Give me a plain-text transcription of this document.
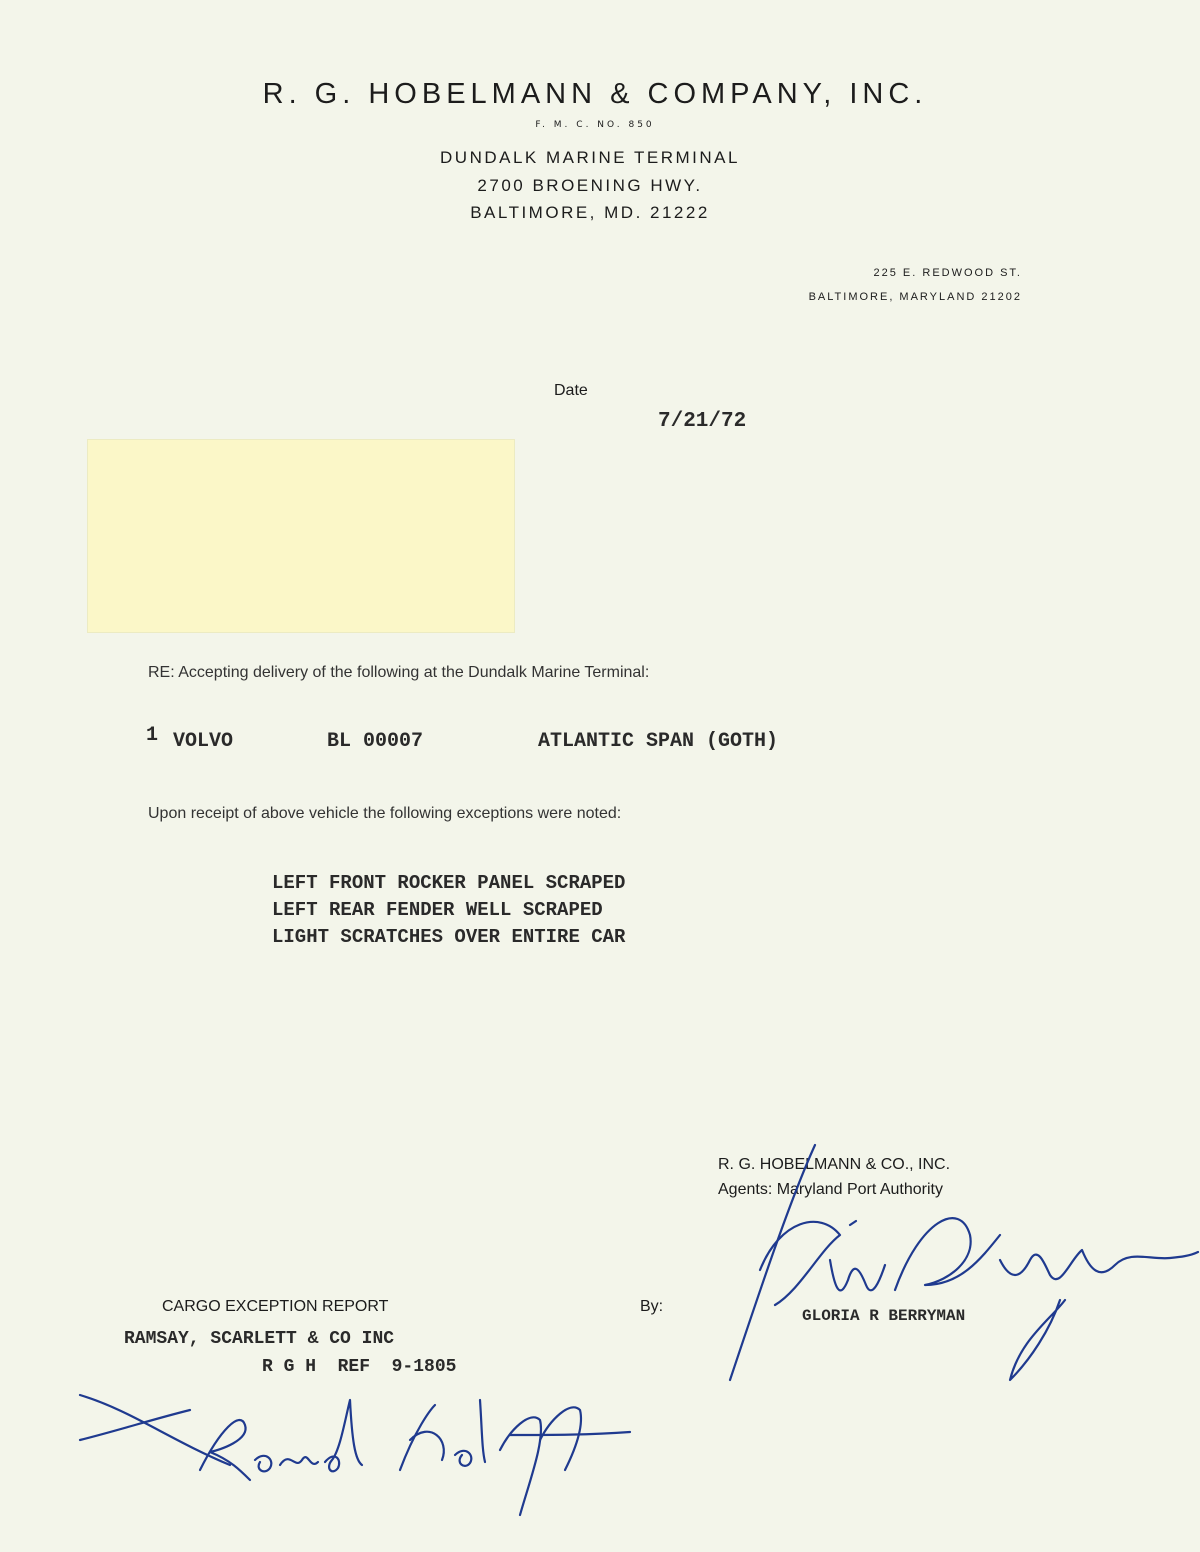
R. G. HOBELMANN & COMPANY, INC.
F. M. C. NO. 850
DUNDALK MARINE TERMINAL
2700 BROENING HWY.
BALTIMORE, MD. 21222
225 E. REDWOOD ST.
BALTIMORE, MARYLAND 21202
Date
7/21/72
RE: Accepting delivery of the following at the Dundalk Marine Terminal:
1 VOLVO	BL 00007	ATLANTIC SPAN (GOTH)
Upon receipt of above vehicle the following exceptions were noted:
LEFT FRONT ROCKER PANEL SCRAPED
LEFT REAR FENDER WELL SCRAPED
LIGHT SCRATCHES OVER ENTIRE CAR
R. G. HOBELMANN & CO., INC.
Agents: Maryland Port Authority
By:
GLORIA R BERRYMAN
CARGO EXCEPTION REPORT
RAMSAY, SCARLETT & CO INC
R G H  REF  9-1805
